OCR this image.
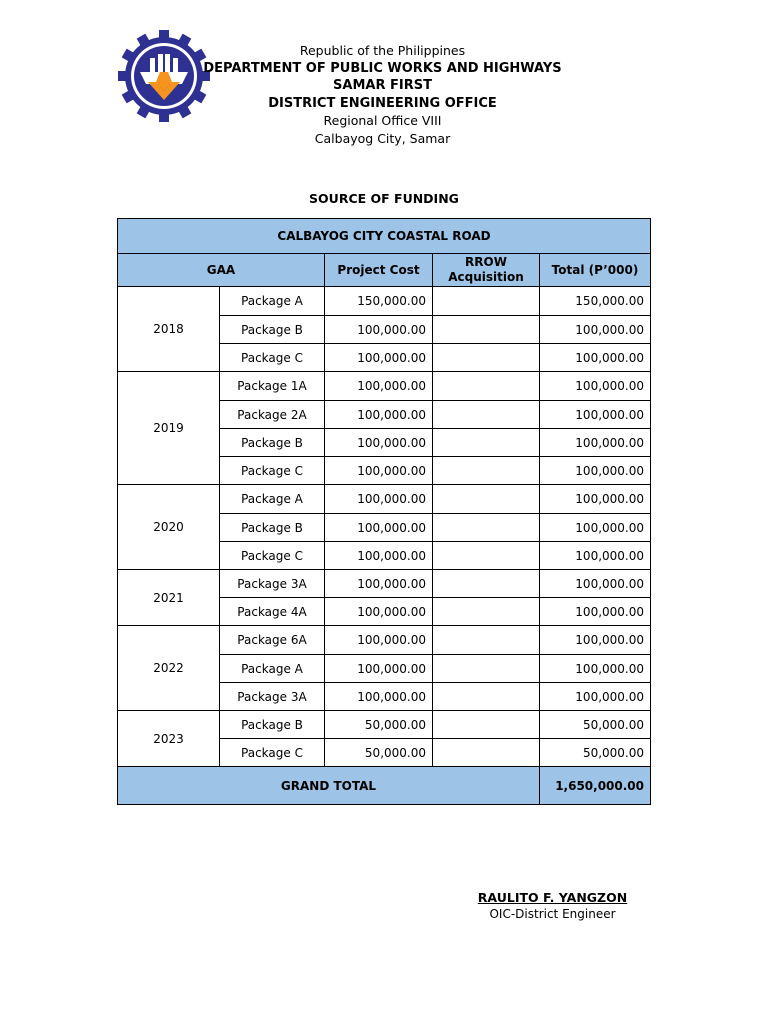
Republic of the Philippines
DEPARTMENT OF PUBLIC WORKS AND HIGHWAYS
SAMAR FIRST
DISTRICT ENGINEERING OFFICE
Regional Office VIII
Calbayog City, Samar
SOURCE OF FUNDING
CALBAYOG CITY COASTAL ROAD				
GAA		Project Cost	RROW Acquisition	Total (P’000)
2018	Package A	150,000.00		150,000.00
	Package B	100,000.00		100,000.00
	Package C	100,000.00		100,000.00
2019	Package 1A	100,000.00		100,000.00
	Package 2A	100,000.00		100,000.00
	Package B	100,000.00		100,000.00
	Package C	100,000.00		100,000.00
2020	Package A	100,000.00		100,000.00
	Package B	100,000.00		100,000.00
	Package C	100,000.00		100,000.00
2021	Package 3A	100,000.00		100,000.00
	Package 4A	100,000.00		100,000.00
2022	Package 6A	100,000.00		100,000.00
	Package A	100,000.00		100,000.00
	Package 3A	100,000.00		100,000.00
2023	Package B	50,000.00		50,000.00
	Package C	50,000.00		50,000.00
GRAND TOTAL				1,650,000.00
RAULITO F. YANGZON
OIC-District Engineer
